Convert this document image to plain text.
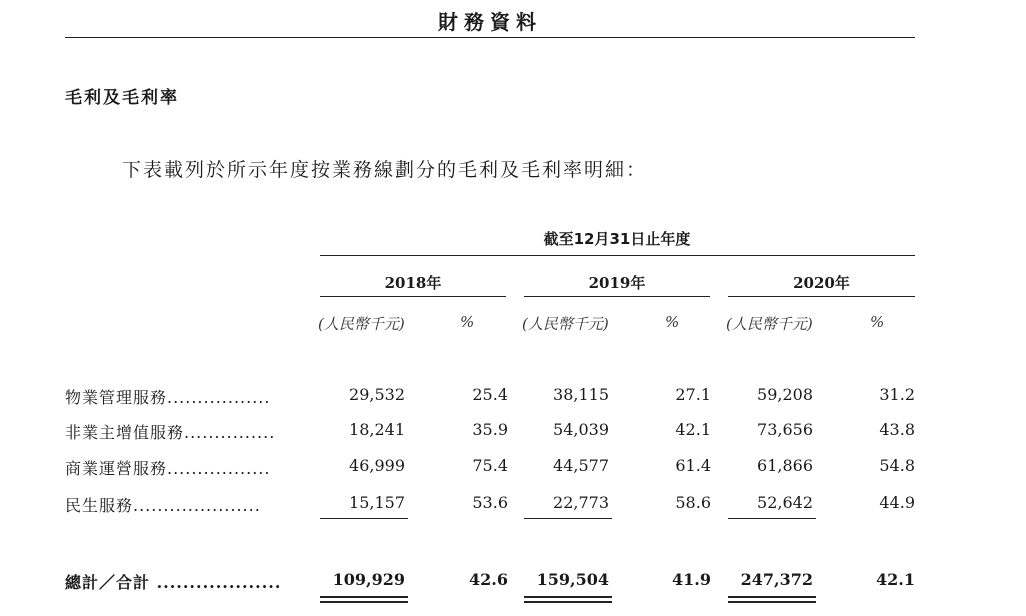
財務資料
毛利及毛利率
下表載列於所示年度按業務線劃分的毛利及毛利率明細：
截至12月31日止年度
2018年	2019年	2020年
(人民幣千元)	%	(人民幣千元)	%	(人民幣千元)	%
物業管理服務.................	29,532	25.4	38,115	27.1	59,208	31.2
非業主增值服務...............	18,241	35.9	54,039	42.1	73,656	43.8
商業運營服務.................	46,999	75.4	44,577	61.4	61,866	54.8
民生服務.....................	15,157	53.6	22,773	58.6	52,642	44.9
總計／合計 ...................	109,929	42.6	159,504	41.9	247,372	42.1
